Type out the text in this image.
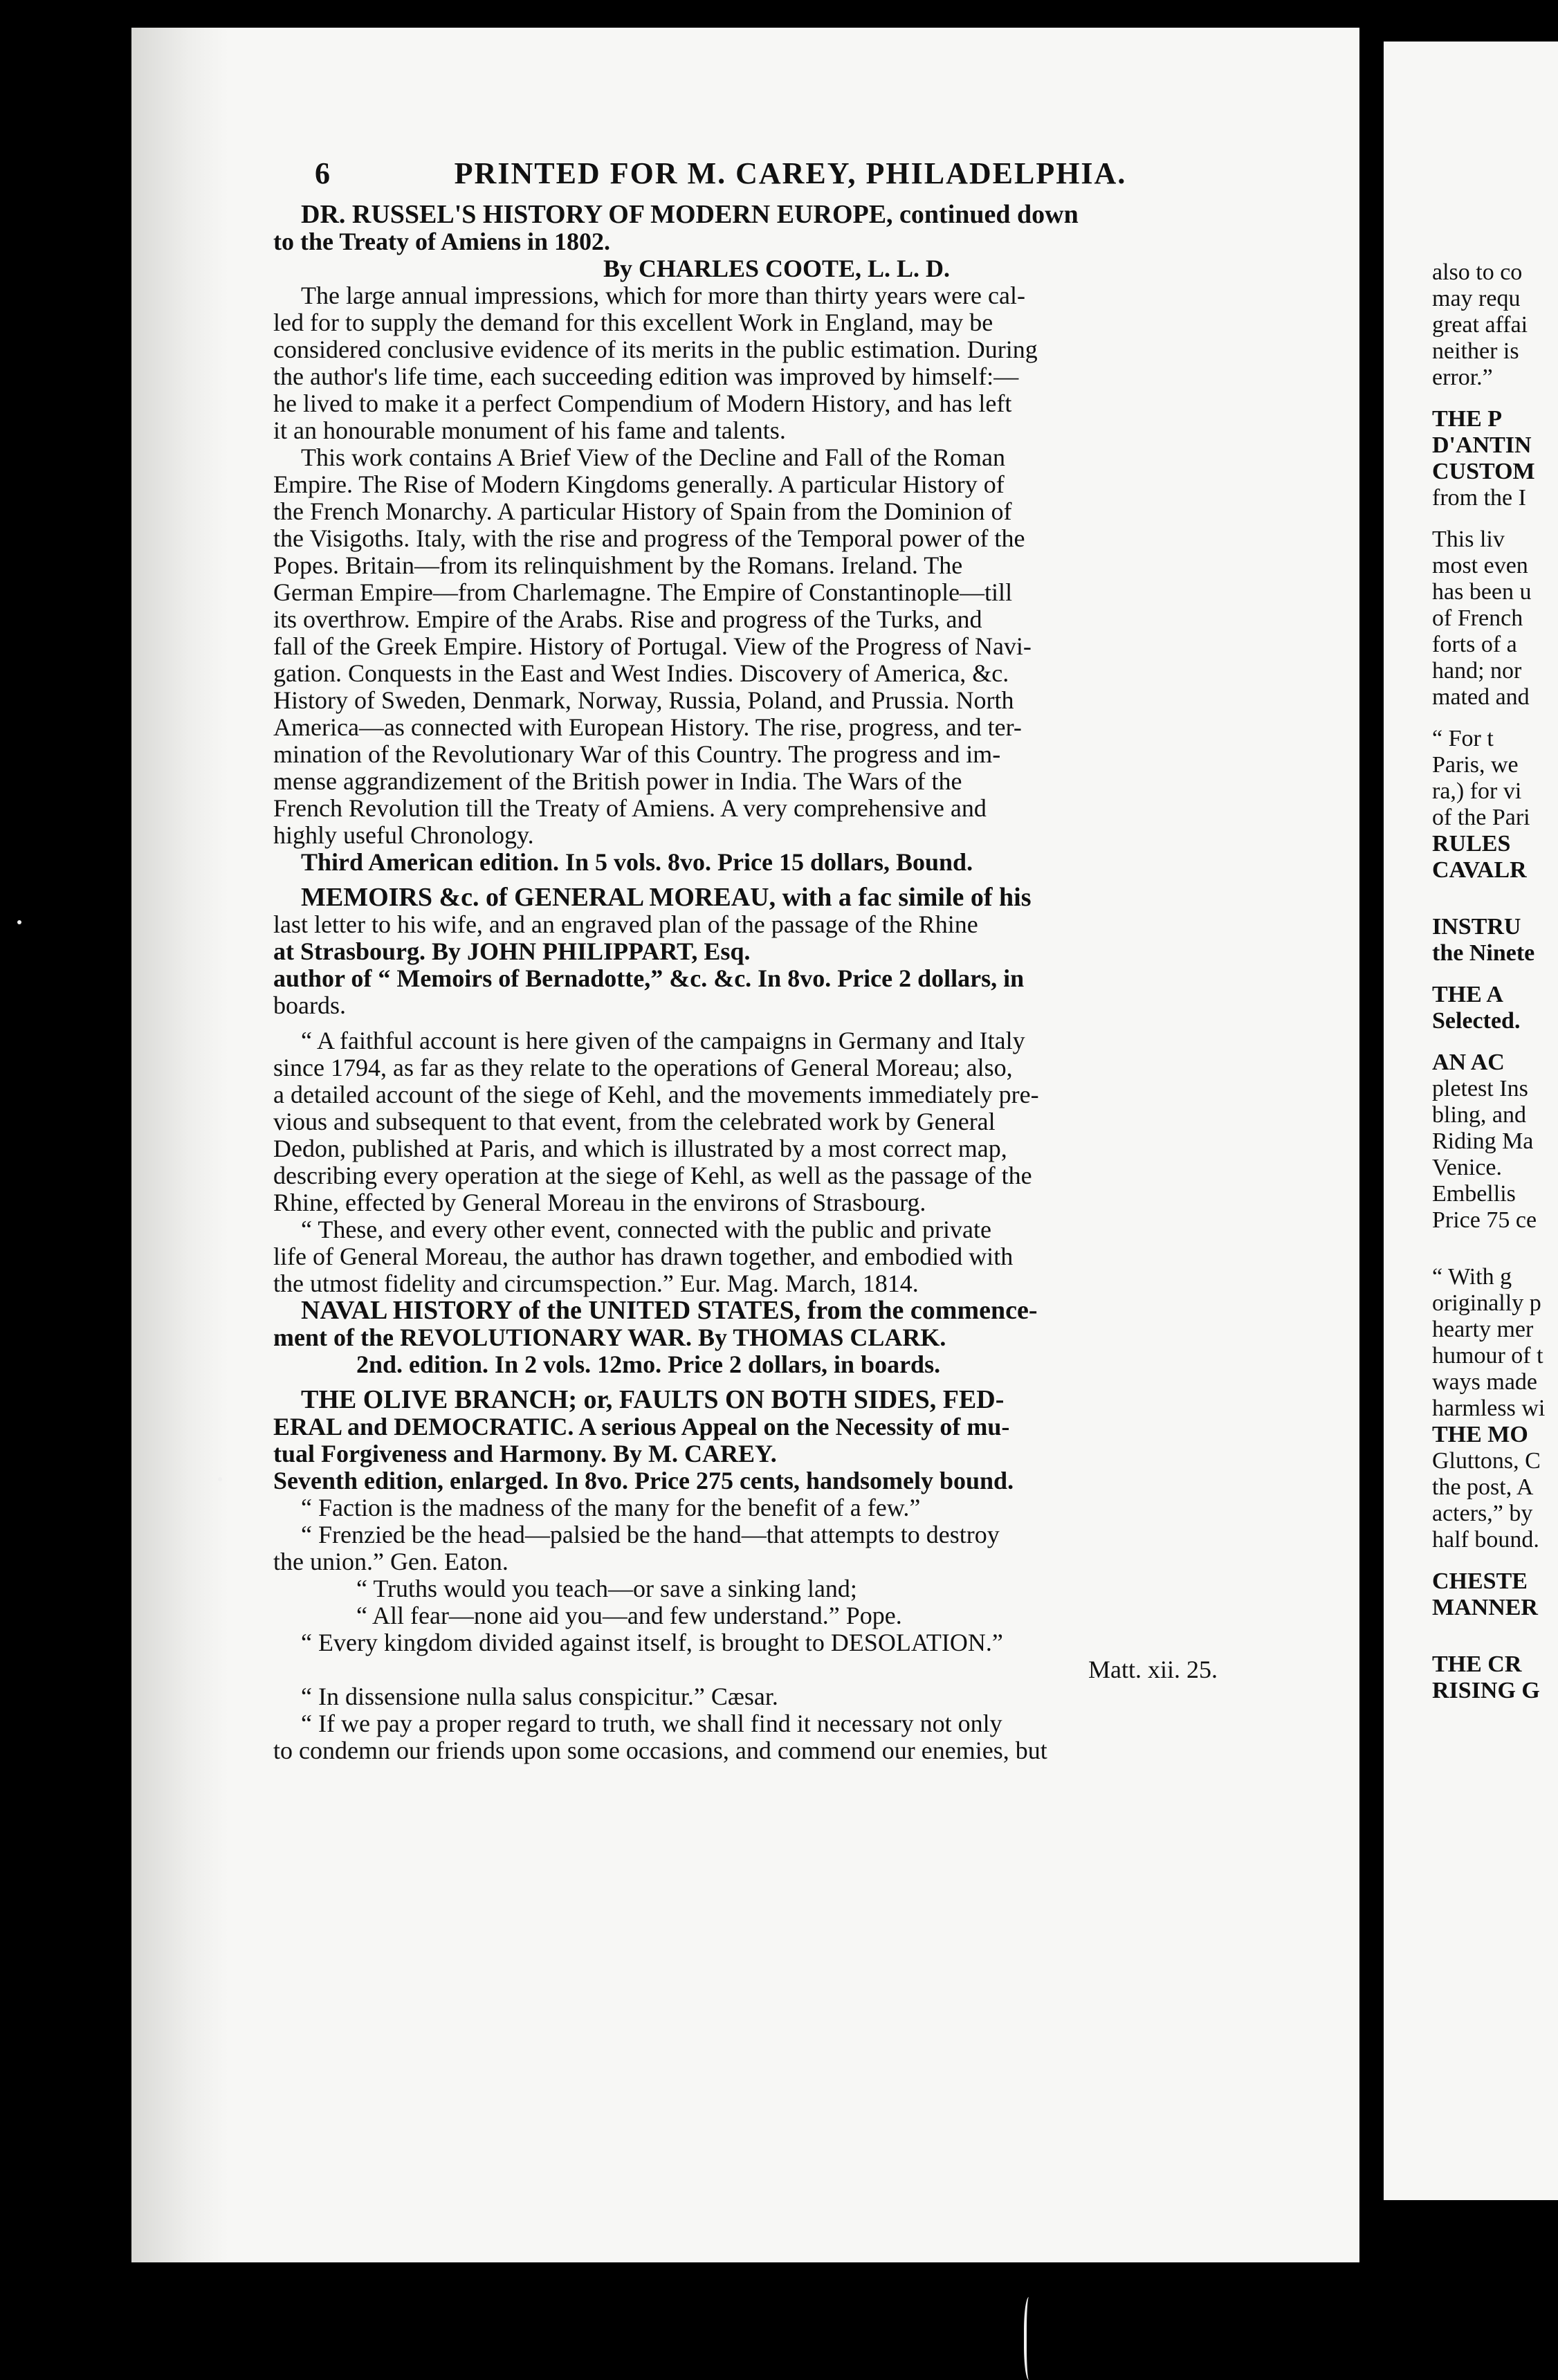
6	PRINTED FOR M. CAREY, PHILADELPHIA.
DR. RUSSEL'S HISTORY OF MODERN EUROPE, continued down
to the Treaty of Amiens in 1802.
By CHARLES COOTE, L. L. D.
The large annual impressions, which for more than thirty years were cal-
led for to supply the demand for this excellent Work in England, may be
considered conclusive evidence of its merits in the public estimation. During
the author's life time, each succeeding edition was improved by himself:—
he lived to make it a perfect Compendium of Modern History, and has left
it an honourable monument of his fame and talents.
This work contains A Brief View of the Decline and Fall of the Roman
Empire. The Rise of Modern Kingdoms generally. A particular History of
the French Monarchy. A particular History of Spain from the Dominion of
the Visigoths. Italy, with the rise and progress of the Temporal power of the
Popes. Britain—from its relinquishment by the Romans. Ireland. The
German Empire—from Charlemagne. The Empire of Constantinople—till
its overthrow. Empire of the Arabs. Rise and progress of the Turks, and
fall of the Greek Empire. History of Portugal. View of the Progress of Navi-
gation. Conquests in the East and West Indies. Discovery of America, &c.
History of Sweden, Denmark, Norway, Russia, Poland, and Prussia. North
America—as connected with European History. The rise, progress, and ter-
mination of the Revolutionary War of this Country. The progress and im-
mense aggrandizement of the British power in India. The Wars of the
French Revolution till the Treaty of Amiens. A very comprehensive and
highly useful Chronology.
Third American edition. In 5 vols. 8vo. Price 15 dollars, Bound.
MEMOIRS &c. of GENERAL MOREAU, with a fac simile of his
last letter to his wife, and an engraved plan of the passage of the Rhine
at Strasbourg. By JOHN PHILIPPART, Esq.
author of “ Memoirs of Bernadotte,” &c. &c. In 8vo. Price 2 dollars, in
boards.
“ A faithful account is here given of the campaigns in Germany and Italy
since 1794, as far as they relate to the operations of General Moreau; also,
a detailed account of the siege of Kehl, and the movements immediately pre-
vious and subsequent to that event, from the celebrated work by General
Dedon, published at Paris, and which is illustrated by a most correct map,
describing every operation at the siege of Kehl, as well as the passage of the
Rhine, effected by General Moreau in the environs of Strasbourg.
“ These, and every other event, connected with the public and private
life of General Moreau, the author has drawn together, and embodied with
the utmost fidelity and circumspection.” Eur. Mag. March, 1814.
NAVAL HISTORY of the UNITED STATES, from the commence-
ment of the REVOLUTIONARY WAR. By THOMAS CLARK.
2nd. edition. In 2 vols. 12mo. Price 2 dollars, in boards.
THE OLIVE BRANCH; or, FAULTS ON BOTH SIDES, FED-
ERAL and DEMOCRATIC. A serious Appeal on the Necessity of mu-
tual Forgiveness and Harmony. By M. CAREY.
Seventh edition, enlarged. In 8vo. Price 275 cents, handsomely bound.
“ Faction is the madness of the many for the benefit of a few.”
“ Frenzied be the head—palsied be the hand—that attempts to destroy
the union.” Gen. Eaton.
“ Truths would you teach—or save a sinking land;
“ All fear—none aid you—and few understand.” Pope.
“ Every kingdom divided against itself, is brought to DESOLATION.”
Matt. xii. 25.
“ In dissensione nulla salus conspicitur.” Cæsar.
“ If we pay a proper regard to truth, we shall find it necessary not only
to condemn our friends upon some occasions, and commend our enemies, but
also to co
may requ
great affai
neither is
error.”
THE P
D'ANTIN
CUSTOM
from the I
This liv
most even
has been u
of French
forts of a
hand; nor
mated and
“ For t
Paris, we
ra,) for vi
of the Pari
RULES
CAVALR
INSTRU
the Ninete
THE A
Selected.
AN AC
pletest Ins
bling, and
Riding Ma
Venice.
Embellis
Price 75 ce
“ With g
originally p
hearty mer
humour of t
ways made
harmless wi
THE MO
Gluttons, C
the post, A
acters,” by
half bound.
CHESTE
MANNER
THE CR
RISING G
